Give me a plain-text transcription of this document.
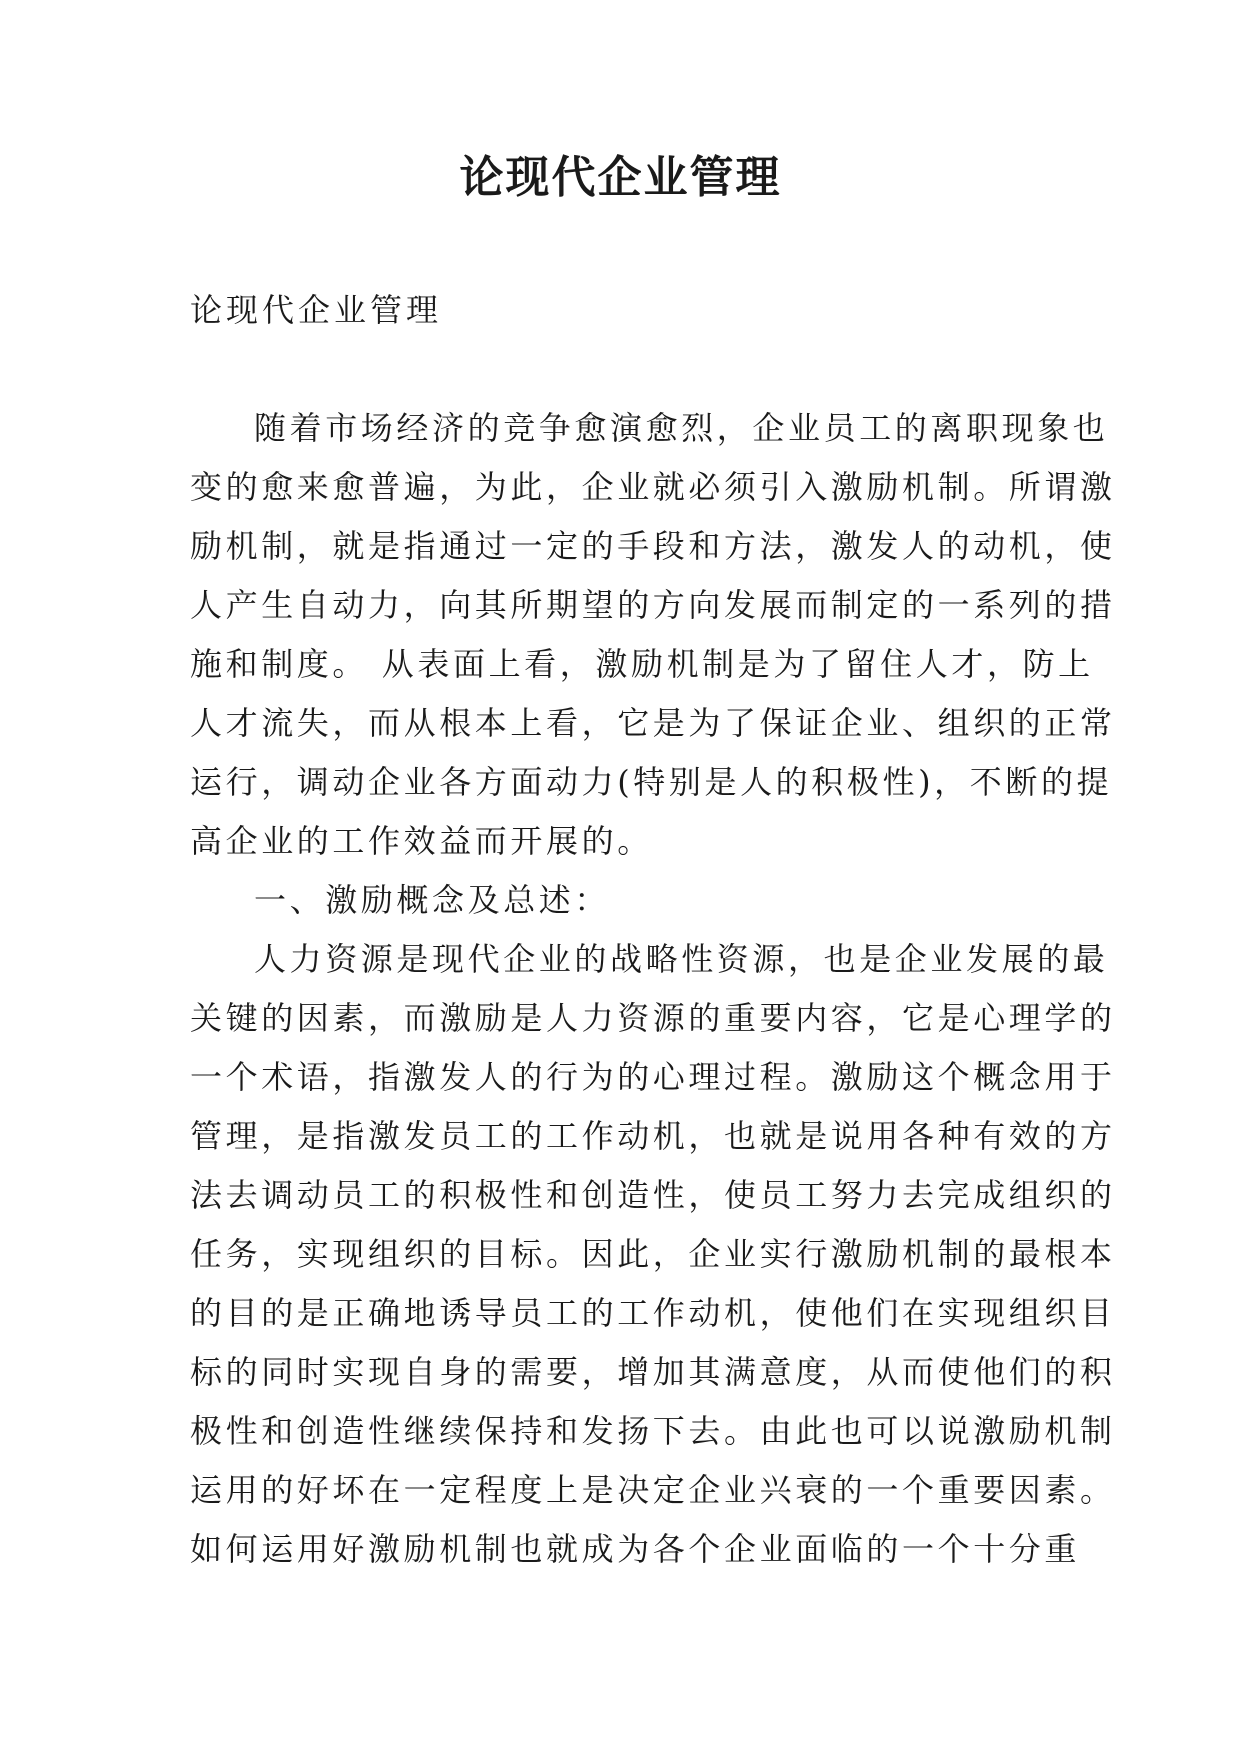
论现代企业管理
论现代企业管理
随着市场经济的竞争愈演愈烈，企业员工的离职现象也
变的愈来愈普遍，为此，企业就必须引入激励机制。所谓激
励机制，就是指通过一定的手段和方法，激发人的动机，使
人产生自动力，向其所期望的方向发展而制定的一系列的措
施和制度。 从表面上看，激励机制是为了留住人才，防上
人才流失，而从根本上看，它是为了保证企业、组织的正常
运行，调动企业各方面动力(特别是人的积极性)，不断的提
高企业的工作效益而开展的。
一、激励概念及总述：
人力资源是现代企业的战略性资源，也是企业发展的最
关键的因素，而激励是人力资源的重要内容，它是心理学的
一个术语，指激发人的行为的心理过程。激励这个概念用于
管理，是指激发员工的工作动机，也就是说用各种有效的方
法去调动员工的积极性和创造性，使员工努力去完成组织的
任务，实现组织的目标。因此，企业实行激励机制的最根本
的目的是正确地诱导员工的工作动机，使他们在实现组织目
标的同时实现自身的需要，增加其满意度，从而使他们的积
极性和创造性继续保持和发扬下去。由此也可以说激励机制
运用的好坏在一定程度上是决定企业兴衰的一个重要因素。
如何运用好激励机制也就成为各个企业面临的一个十分重
